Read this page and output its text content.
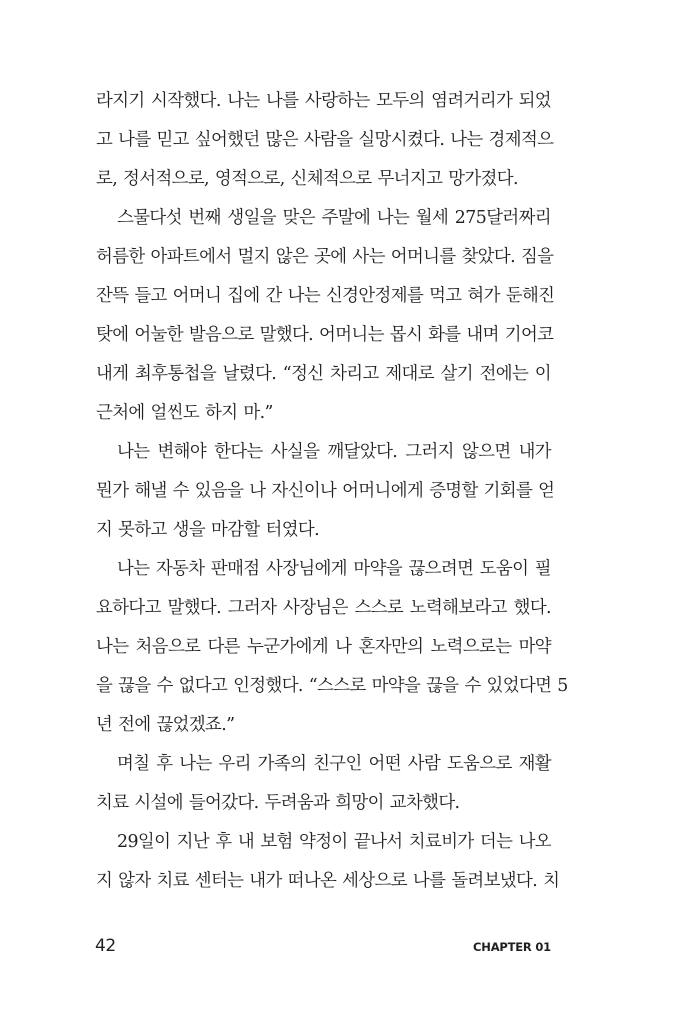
라지기 시작했다. 나는 나를 사랑하는 모두의 염려거리가 되었
고 나를 믿고 싶어했던 많은 사람을 실망시켰다. 나는 경제적으
로, 정서적으로, 영적으로, 신체적으로 무너지고 망가졌다.

스물다섯 번째 생일을 맞은 주말에 나는 월세 275달러짜리
허름한 아파트에서 멀지 않은 곳에 사는 어머니를 찾았다. 짐을
잔뜩 들고 어머니 집에 간 나는 신경안정제를 먹고 혀가 둔해진
탓에 어눌한 발음으로 말했다. 어머니는 몹시 화를 내며 기어코
내게 최후통첩을 날렸다. “정신 차리고 제대로 살기 전에는 이
근처에 얼씬도 하지 마.”

나는 변해야 한다는 사실을 깨달았다. 그러지 않으면 내가
뭔가 해낼 수 있음을 나 자신이나 어머니에게 증명할 기회를 얻
지 못하고 생을 마감할 터였다.

나는 자동차 판매점 사장님에게 마약을 끊으려면 도움이 필
요하다고 말했다. 그러자 사장님은 스스로 노력해보라고 했다.
나는 처음으로 다른 누군가에게 나 혼자만의 노력으로는 마약
을 끊을 수 없다고 인정했다. “스스로 마약을 끊을 수 있었다면 5
년 전에 끊었겠죠.”

며칠 후 나는 우리 가족의 친구인 어떤 사람 도움으로 재활
치료 시설에 들어갔다. 두려움과 희망이 교차했다.

29일이 지난 후 내 보험 약정이 끝나서 치료비가 더는 나오
지 않자 치료 센터는 내가 떠나온 세상으로 나를 돌려보냈다. 치

42	CHAPTER 01
